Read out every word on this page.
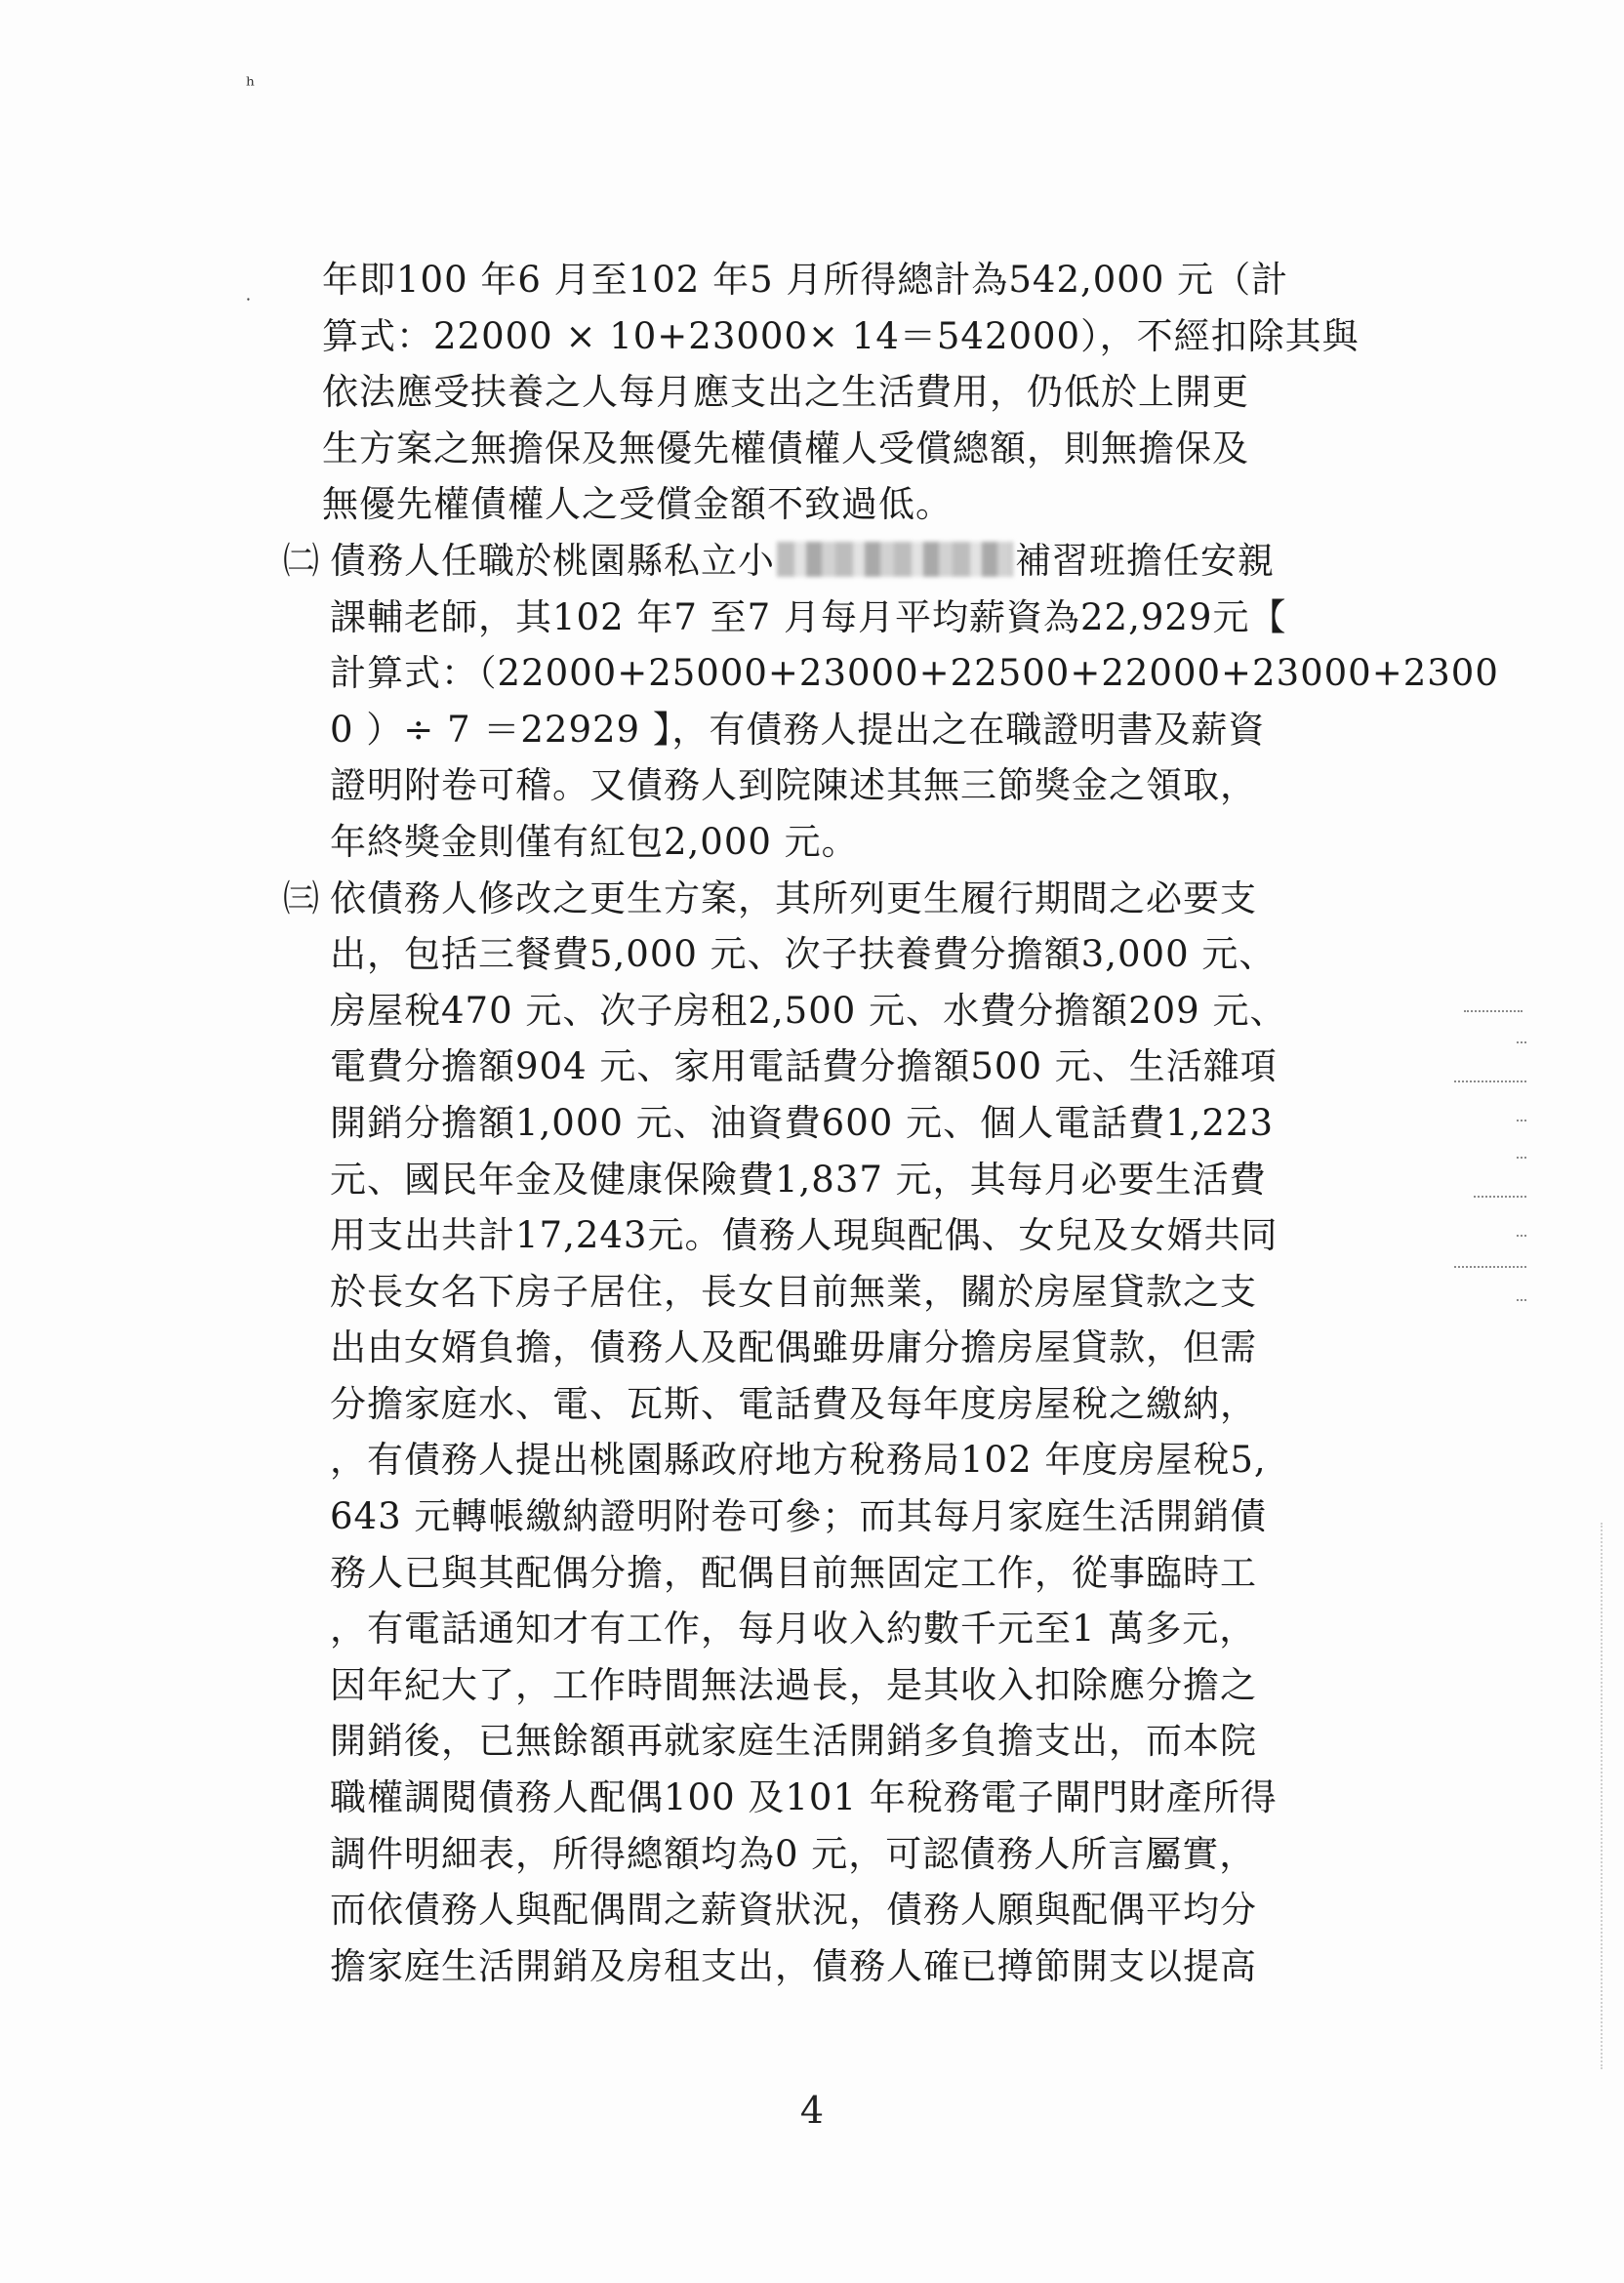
ʰ
⸳	年即100 年6 月至102 年5 月所得總計為542,000 元（計
算式：22000 × 10+23000× 14＝542000），不經扣除其與
依法應受扶養之人每月應支出之生活費用，仍低於上開更
生方案之無擔保及無優先權債權人受償總額，則無擔保及
無優先權債權人之受償金額不致過低。
㈡ 債務人任職於桃園縣私立小	補習班擔任安親
課輔老師，其102 年7 至7 月每月平均薪資為22,929元【
計算式：（22000+25000+23000+22500+22000+23000+2300
0 ）÷ 7 ＝22929 】，有債務人提出之在職證明書及薪資
證明附卷可稽。又債務人到院陳述其無三節獎金之領取，
年終獎金則僅有紅包2,000 元。
㈢ 依債務人修改之更生方案，其所列更生履行期間之必要支
出，包括三餐費5,000 元、次子扶養費分擔額3,000 元、
房屋稅470 元、次子房租2,500 元、水費分擔額209 元、
電費分擔額904 元、家用電話費分擔額500 元、生活雜項
開銷分擔額1,000 元、油資費600 元、個人電話費1,223
元、國民年金及健康保險費1,837 元，其每月必要生活費
用支出共計17,243元。債務人現與配偶、女兒及女婿共同
於長女名下房子居住，長女目前無業，關於房屋貸款之支
出由女婿負擔，債務人及配偶雖毋庸分擔房屋貸款，但需
分擔家庭水、電、瓦斯、電話費及每年度房屋稅之繳納，
，有債務人提出桃園縣政府地方稅務局102 年度房屋稅5,
643 元轉帳繳納證明附卷可參；而其每月家庭生活開銷債
務人已與其配偶分擔，配偶目前無固定工作，從事臨時工
，有電話通知才有工作，每月收入約數千元至1 萬多元，
因年紀大了，工作時間無法過長，是其收入扣除應分擔之
開銷後，已無餘額再就家庭生活開銷多負擔支出，而本院
職權調閱債務人配偶100 及101 年稅務電子閘門財產所得
調件明細表，所得總額均為0 元，可認債務人所言屬實，
而依債務人與配偶間之薪資狀況，債務人願與配偶平均分
擔家庭生活開銷及房租支出，債務人確已撙節開支以提高
4
